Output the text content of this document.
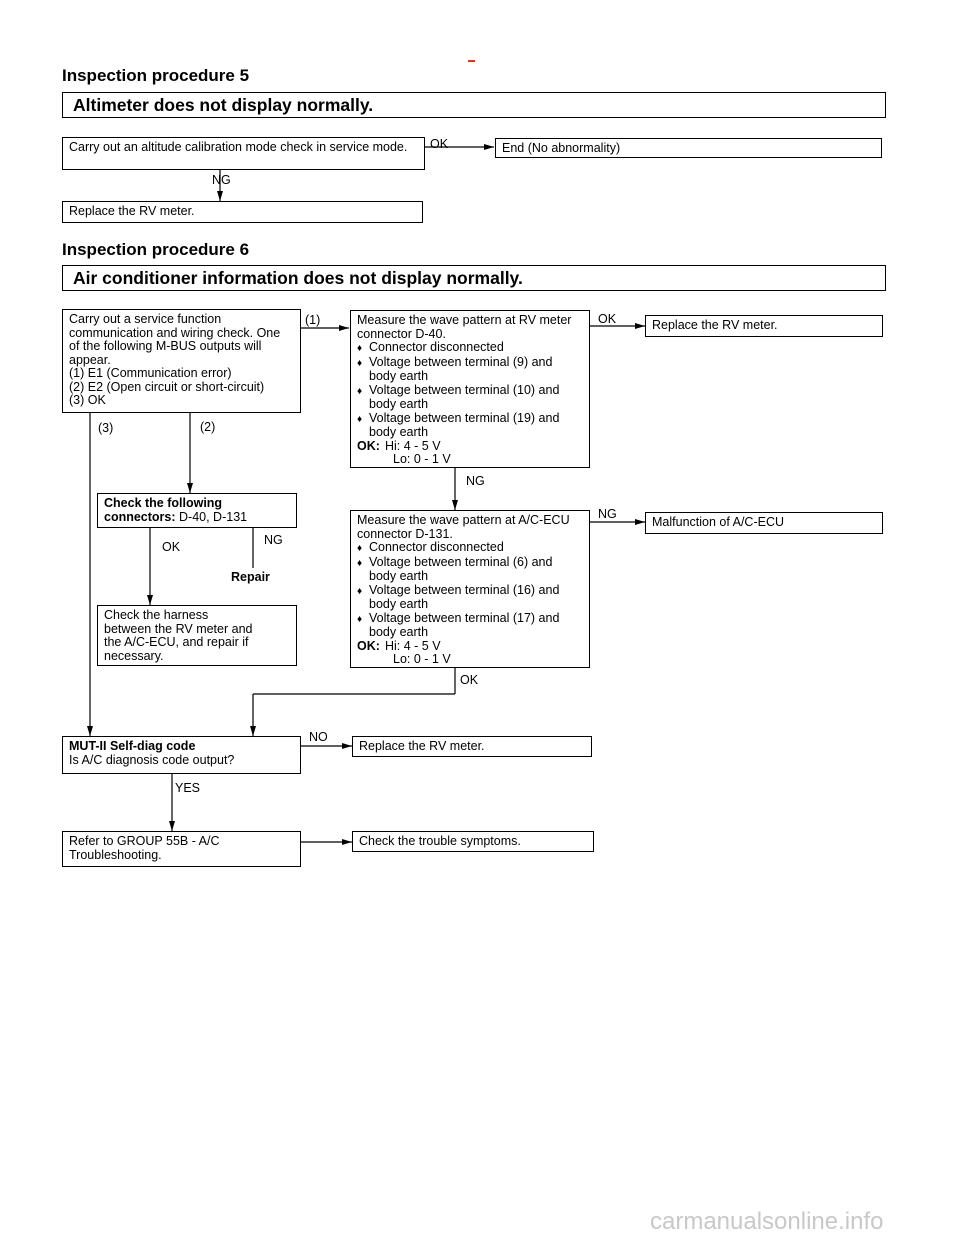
Inspection procedure 5
Altimeter does not display normally.
Carry out an altitude calibration mode check in service mode.	OK	End (No abnormality)
NG
Replace the RV meter.
Inspection procedure 6
Air conditioner information does not display normally.
Carry out a service function
communication and wiring check. One
of the following M-BUS outputs will
appear.
(1) E1 (Communication error)
(2) E2 (Open circuit or short-circuit)
(3) OK
(1)
(2)
(3)
Measure the wave pattern at RV meter
connector D-40.
♦ Connector disconnected
♦ Voltage between terminal (9) and body earth
♦ Voltage between terminal (10) and body earth
♦ Voltage between terminal (19) and body earth
OK: Hi: 4 - 5 V
Lo: 0 - 1 V
OK	Replace the RV meter.
NG
Measure the wave pattern at A/C-ECU
connector D-131.
♦ Connector disconnected
♦ Voltage between terminal (6) and body earth
♦ Voltage between terminal (16) and body earth
♦ Voltage between terminal (17) and body earth
OK: Hi: 4 - 5 V
Lo: 0 - 1 V
NG
Malfunction of A/C-ECU
OK
Check the following
connectors: D-40, D-131
OK	NG
Repair
Check the harness between the RV meter and the A/C-ECU, and repair if necessary.
MUT-II Self-diag code
Is A/C diagnosis code output?
NO
Replace the RV meter.
YES
Refer to GROUP 55B - A/C Troubleshooting.
Check the trouble symptoms.
carmanualsonline.info
